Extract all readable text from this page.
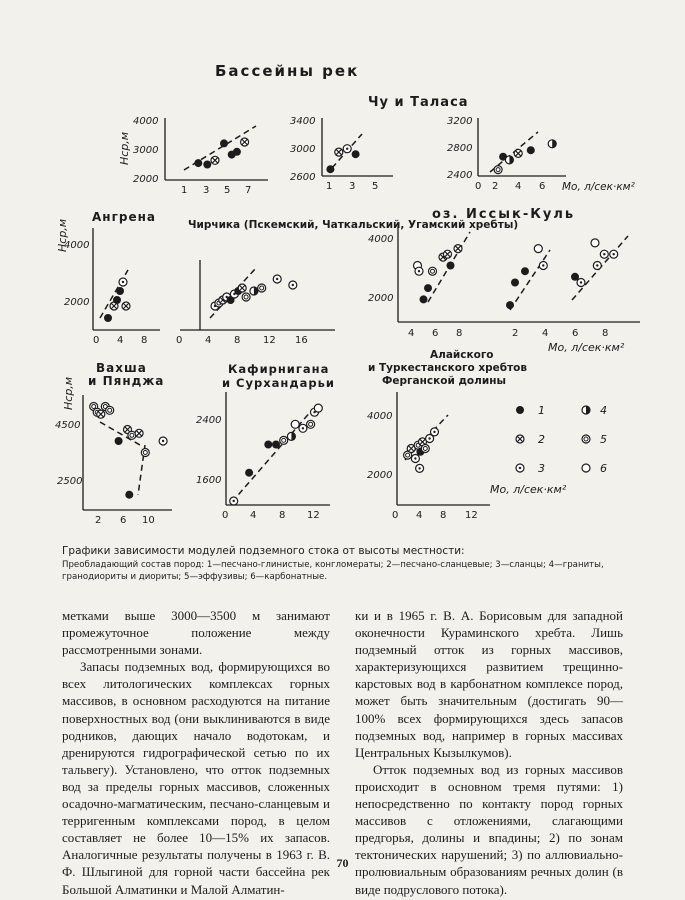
Бассейны рек
Hср,м
4000
3000
2000
1 3 5 7
Чу и Таласа
3400
3000
2600
1 3 5
3200
2800
2400
0 2 4 6 Mо, л/сек·км²
Ангрена
Hср,м
4000
2000
0 4 8
Чирчика (Пскемский, Чаткальский, Угамский хребты)
0 4 8 12 16
оз. Иссык-Куль
4000
2000
4 6 8	2 4 6 8
Mо, л/сек·км²
Вахша
и Пянджа
Hср,м
4500
2500
2 6 10
Кафирнигана
и Сурхандарьи
2400
1600
0 4 8 12
Алайского
и Туркестанского хребтов
Ферганской долины
4000
2000
0 4 8 12
Mо, л/сек·км²
1	4
2	5
3	6
Графики зависимости модулей подземного стока от высоты местности:
Преобладающий состав пород: 1—песчано-глинистые, конгломераты; 2—песчано-сланцевые; 3—сланцы; 4—граниты, гранодиориты и диориты; 5—эффузивы; 6—карбонатные.

метками выше 3000—3500 м занимают промежуточное положение между рассмотренными зонами.

Запасы подземных вод, формирующихся во всех литологических комплексах горных массивов, в основном расходуются на питание поверхностных вод (они выклиниваются в виде родников, дающих начало водотокам, и дренируются гидрографической сетью по их тальвегу). Установлено, что отток подземных вод за пределы горных массивов, сложенных осадочно-магматическим, песчано-сланцевым и терригенным комплексами пород, в целом составляет не более 10—15% их запасов. Аналогичные результаты получены в 1963 г. В. Ф. Шлыгиной для горной части бассейна рек Большой Алматинки и Малой Алматин-

ки и в 1965 г. В. А. Борисовым для западной оконечности Кураминского хребта. Лишь подземный отток из горных массивов, характеризующихся развитием трещинно-карстовых вод в карбонатном комплексе пород, может быть значительным (достигать 90—100% всех формирующихся здесь запасов подземных вод, например в горных массивах Центральных Кызылкумов).

Отток подземных вод из горных массивов происходит в основном тремя путями: 1) непосредственно по контакту пород горных массивов с отложениями, слагающими предгорья, долины и впадины; 2) по зонам тектонических нарушений; 3) по аллювиально-пролювиальным образованиям речных долин (в виде подруслового потока).

70
